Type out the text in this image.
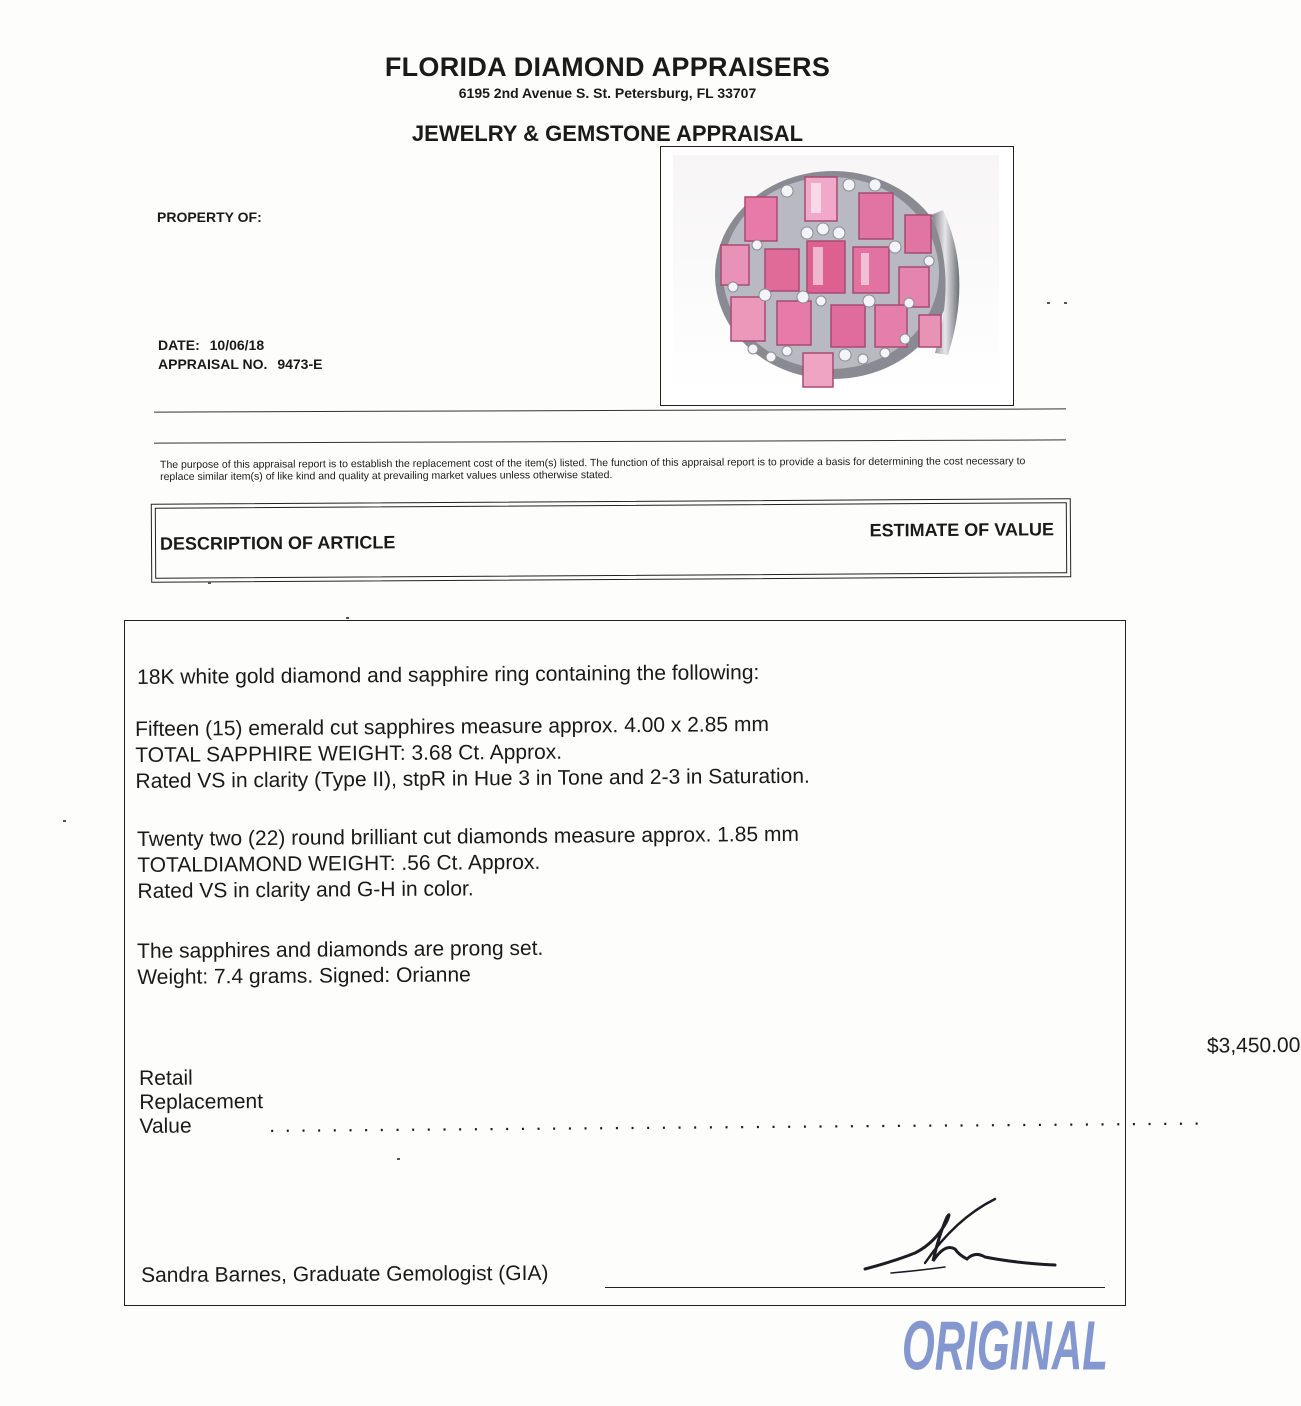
FLORIDA DIAMOND APPRAISERS
6195 2nd Avenue S. St. Petersburg, FL 33707
JEWELRY & GEMSTONE APPRAISAL
PROPERTY OF:
DATE: 10/06/18
APPRAISAL NO. 9473-E
The purpose of this appraisal report is to establish the replacement cost of the item(s) listed. The function of this appraisal report is to provide a basis for determining the cost necessary to replace similar item(s) of like kind and quality at prevailing market values unless otherwise stated.
DESCRIPTION OF ARTICLE
ESTIMATE OF VALUE
18K white gold diamond and sapphire ring containing the following:
Fifteen (15) emerald cut sapphires measure approx. 4.00 x 2.85 mm
TOTAL SAPPHIRE WEIGHT: 3.68 Ct. Approx.
Rated VS in clarity (Type II), stpR in Hue 3 in Tone and 2-3 in Saturation.
Twenty two (22) round brilliant cut diamonds measure approx. 1.85 mm
TOTALDIAMOND WEIGHT: .56 Ct. Approx.
Rated VS in clarity and G-H in color.
The sapphires and diamonds are prong set.
Weight: 7.4 grams. Signed: Orianne
Retail Replacement Value	. . . . . . . . . . . . . . . . . . . . . . . . . . . . . . . . . . . . . . . . . . . . . . . . . . . . . . . . . . . .
$3,450.00
Sandra Barnes, Graduate Gemologist (GIA)
ORIGINAL
